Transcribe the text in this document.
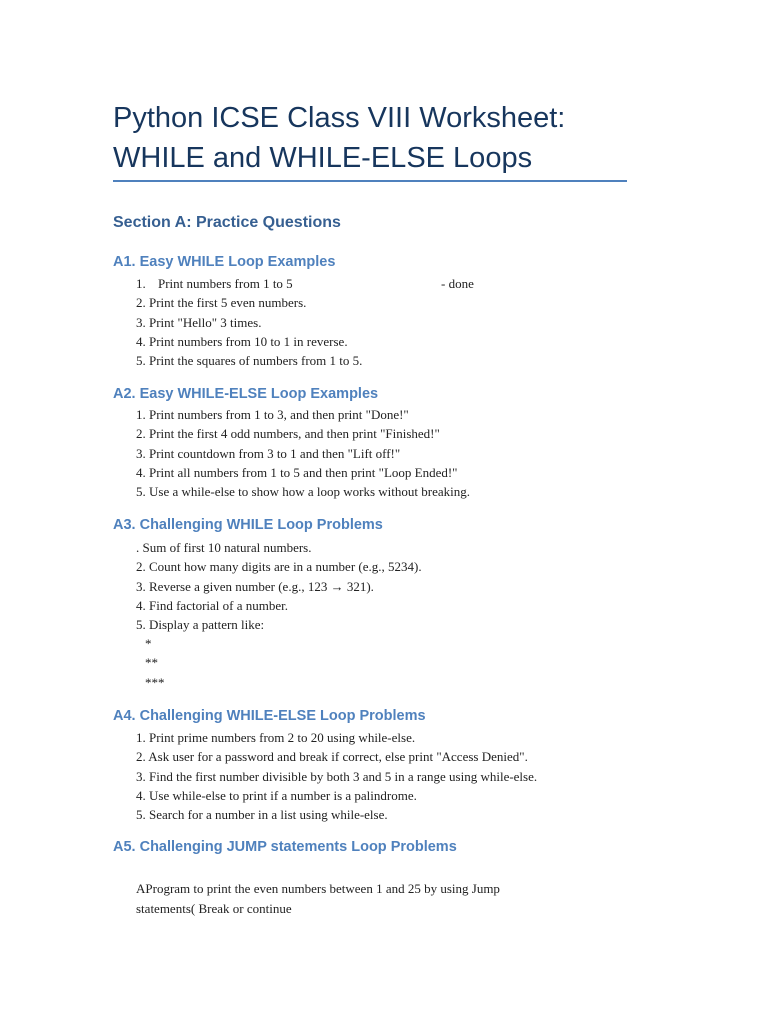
Python ICSE Class VIII Worksheet:
WHILE and WHILE-ELSE Loops
Section A: Practice Questions
A1. Easy WHILE Loop Examples
1. Print numbers from 1 to 5	- done
2. Print the first 5 even numbers.
3. Print "Hello" 3 times.
4. Print numbers from 10 to 1 in reverse.
5. Print the squares of numbers from 1 to 5.
A2. Easy WHILE-ELSE Loop Examples
1. Print numbers from 1 to 3, and then print "Done!"
2. Print the first 4 odd numbers, and then print "Finished!"
3. Print countdown from 3 to 1 and then "Lift off!"
4. Print all numbers from 1 to 5 and then print "Loop Ended!"
5. Use a while-else to show how a loop works without breaking.
A3. Challenging WHILE Loop Problems
. Sum of first 10 natural numbers.
2. Count how many digits are in a number (e.g., 5234).
3. Reverse a given number (e.g., 123 → 321).
4. Find factorial of a number.
5. Display a pattern like:
*
**
***
A4. Challenging WHILE-ELSE Loop Problems
1. Print prime numbers from 2 to 20 using while-else.
2. Ask user for a password and break if correct, else print "Access Denied".
3. Find the first number divisible by both 3 and 5 in a range using while-else.
4. Use while-else to print if a number is a palindrome.
5. Search for a number in a list using while-else.
A5. Challenging JUMP statements Loop Problems

AProgram to print the even numbers between 1 and 25 by using Jump
statements( Break or continue
